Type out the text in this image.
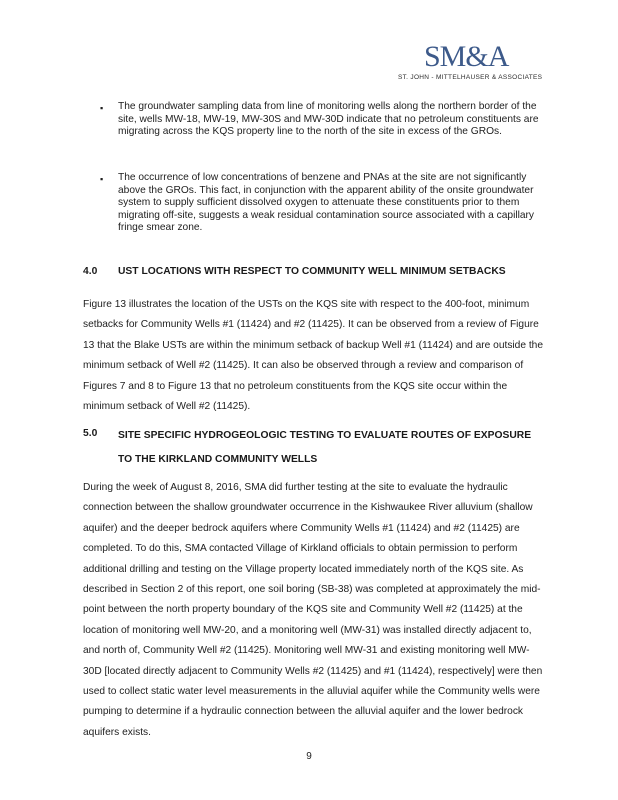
SM&A
ST. JOHN - MITTELHAUSER & ASSOCIATES
▪ The groundwater sampling data from line of monitoring wells along the northern border of the site, wells MW-18, MW-19, MW-30S and MW-30D indicate that no petroleum constituents are migrating across the KQS property line to the north of the site in excess of the GROs.
▪ The occurrence of low concentrations of benzene and PNAs at the site are not significantly above the GROs. This fact, in conjunction with the apparent ability of the onsite groundwater system to supply sufficient dissolved oxygen to attenuate these constituents prior to them migrating off-site, suggests a weak residual contamination source associated with a capillary fringe smear zone.
4.0 UST LOCATIONS WITH RESPECT TO COMMUNITY WELL MINIMUM SETBACKS
Figure 13 illustrates the location of the USTs on the KQS site with respect to the 400-foot, minimum setbacks for Community Wells #1 (11424) and #2 (11425). It can be observed from a review of Figure 13 that the Blake USTs are within the minimum setback of backup Well #1 (11424) and are outside the minimum setback of Well #2 (11425). It can also be observed through a review and comparison of Figures 7 and 8 to Figure 13 that no petroleum constituents from the KQS site occur within the minimum setback of Well #2 (11425).
5.0 SITE SPECIFIC HYDROGEOLOGIC TESTING TO EVALUATE ROUTES OF EXPOSURE TO THE KIRKLAND COMMUNITY WELLS
During the week of August 8, 2016, SMA did further testing at the site to evaluate the hydraulic connection between the shallow groundwater occurrence in the Kishwaukee River alluvium (shallow aquifer) and the deeper bedrock aquifers where Community Wells #1 (11424) and #2 (11425) are completed. To do this, SMA contacted Village of Kirkland officials to obtain permission to perform additional drilling and testing on the Village property located immediately north of the KQS site. As described in Section 2 of this report, one soil boring (SB-38) was completed at approximately the mid-point between the north property boundary of the KQS site and Community Well #2 (11425) at the location of monitoring well MW-20, and a monitoring well (MW-31) was installed directly adjacent to, and north of, Community Well #2 (11425). Monitoring well MW-31 and existing monitoring well MW-30D [located directly adjacent to Community Wells #2 (11425) and #1 (11424), respectively] were then used to collect static water level measurements in the alluvial aquifer while the Community wells were pumping to determine if a hydraulic connection between the alluvial aquifer and the lower bedrock aquifers exists.
9
